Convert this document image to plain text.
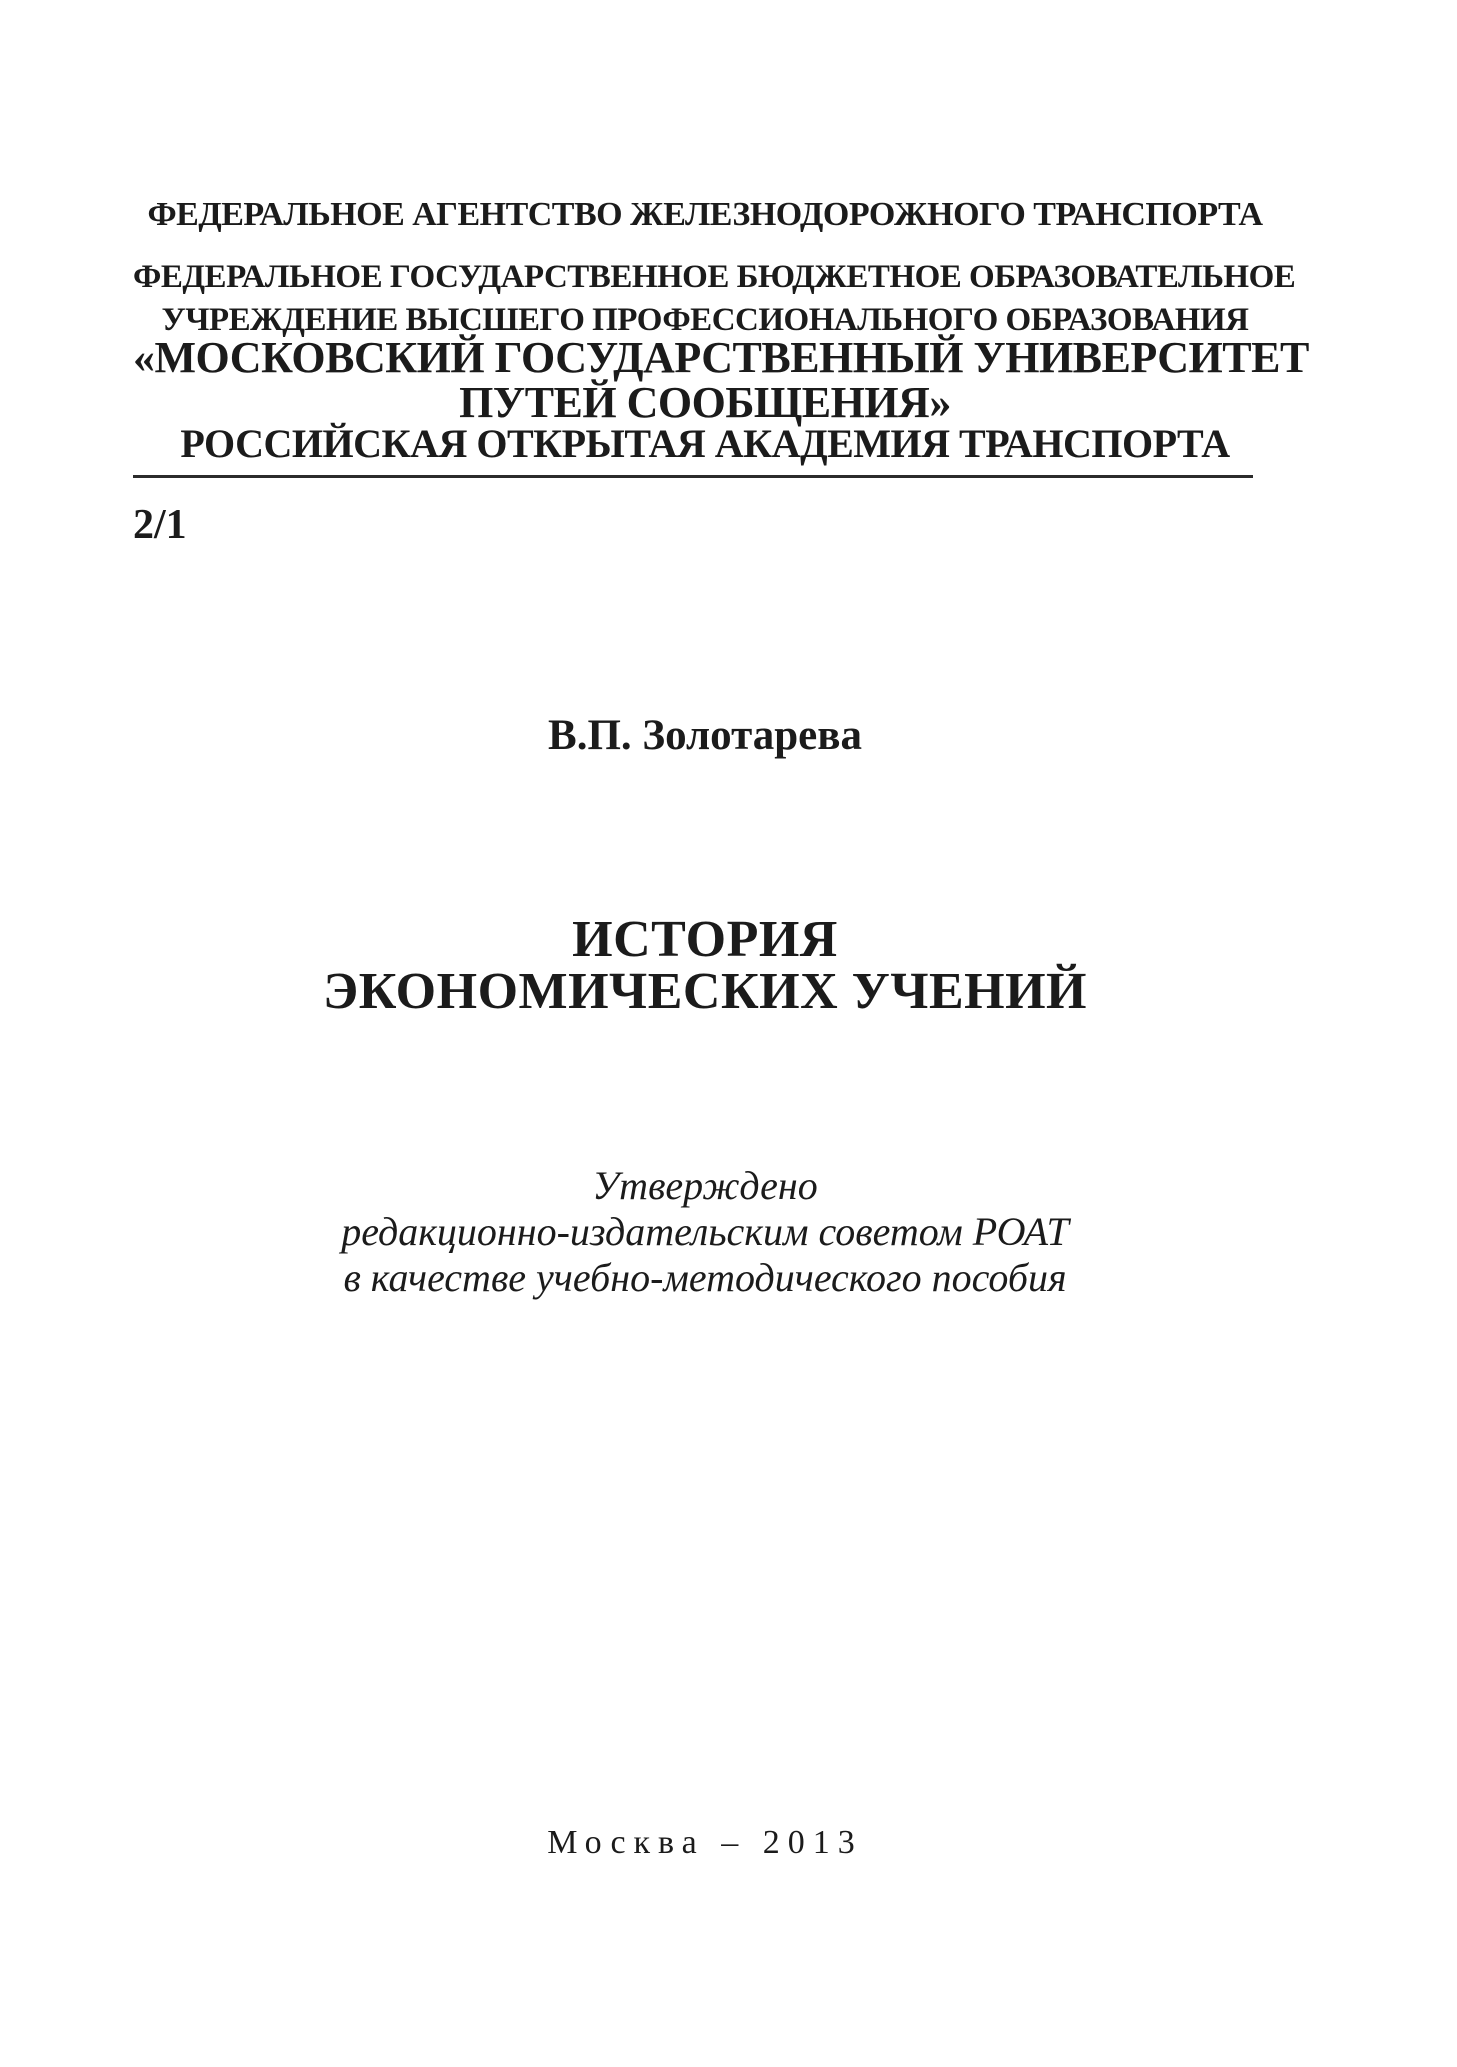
ФЕДЕРАЛЬНОЕ АГЕНТСТВО ЖЕЛЕЗНОДОРОЖНОГО ТРАНСПОРТА
ФЕДЕРАЛЬНОЕ ГОСУДАРСТВЕННОЕ БЮДЖЕТНОЕ ОБРАЗОВАТЕЛЬНОЕ
УЧРЕЖДЕНИЕ ВЫСШЕГО ПРОФЕССИОНАЛЬНОГО ОБРАЗОВАНИЯ
«МОСКОВСКИЙ ГОСУДАРСТВЕННЫЙ УНИВЕРСИТЕТ
ПУТЕЙ СООБЩЕНИЯ»
РОССИЙСКАЯ ОТКРЫТАЯ АКАДЕМИЯ ТРАНСПОРТА
2/1
В.П. Золотарева
ИСТОРИЯ
ЭКОНОМИЧЕСКИХ УЧЕНИЙ
Утверждено
редакционно-издательским советом РОАТ
в качестве учебно-методического пособия
Москва – 2013
